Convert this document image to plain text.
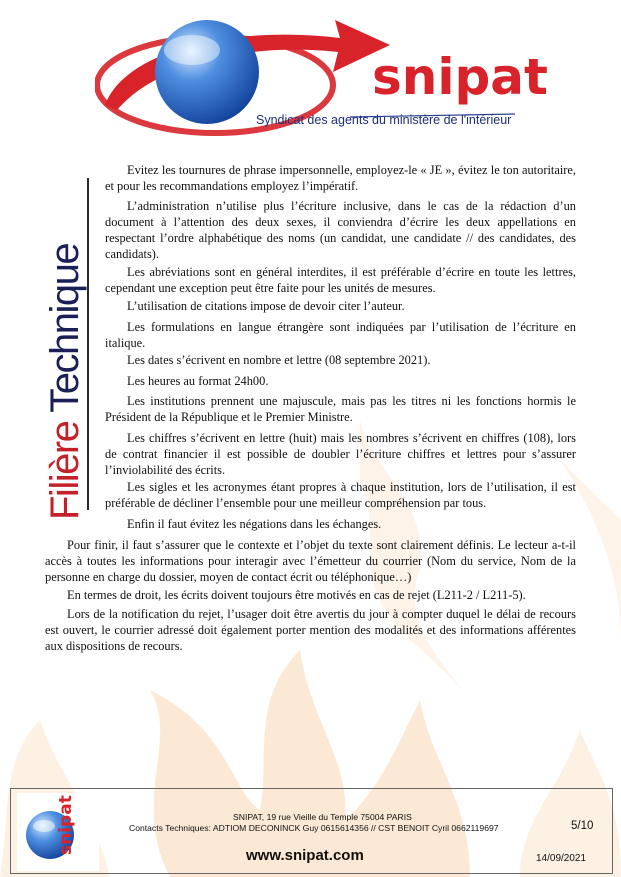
snipat
Syndicat des agents du ministère de l'intérieur
Filière Technique

Evitez les tournures de phrase impersonnelle, employez-le « JE », évitez le ton autoritaire, et pour les recommandations employez l’impératif.

L’administration n’utilise plus l’écriture inclusive, dans le cas de la rédaction d’un document à l’attention des deux sexes, il conviendra d’écrire les deux appellations en respectant l’ordre alphabétique des noms (un candidat, une candidate // des candidates, des candidats).

Les abréviations sont en général interdites, il est préférable d’écrire en toute les lettres, cependant une exception peut être faite pour les unités de mesures.

L’utilisation de citations impose de devoir citer l’auteur.

Les formulations en langue étrangère sont indiquées par l’utilisation de l’écriture en italique.

Les dates s’écrivent en nombre et lettre (08 septembre 2021).

Les heures au format 24h00.

Les institutions prennent une majuscule, mais pas les titres ni les fonctions hormis le Président de la République et le Premier Ministre.

Les chiffres s’écrivent en lettre (huit) mais les nombres s’écrivent en chiffres (108), lors de contrat financier il est possible de doubler l’écriture chiffres et lettres pour s’assurer l’inviolabilité des écrits.

Les sigles et les acronymes étant propres à chaque institution, lors de l’utilisation, il est préférable de décliner l’ensemble pour une meilleur compréhension par tous.

Enfin il faut évitez les négations dans les échanges.

Pour finir, il faut s’assurer que le contexte et l’objet du texte sont clairement définis. Le lecteur a-t-il accès à toutes les informations pour interagir avec l’émetteur du courrier (Nom du service, Nom de la personne en charge du dossier, moyen de contact écrit ou téléphonique…)

En termes de droit, les écrits doivent toujours être motivés en cas de rejet (L211-2 / L211-5).

Lors de la notification du rejet, l’usager doit être avertis du jour à compter duquel le délai de recours est ouvert, le courrier adressé doit également porter mention des modalités et des informations afférentes aux dispositions de recours.

snipat	SNIPAT, 19 rue Vieille du Temple 75004 PARIS
Contacts Techniques: ADTIOM DECONINCK Guy 0615614356 // CST BENOIT Cyril 0662119697	5/10
www.snipat.com	14/09/2021
